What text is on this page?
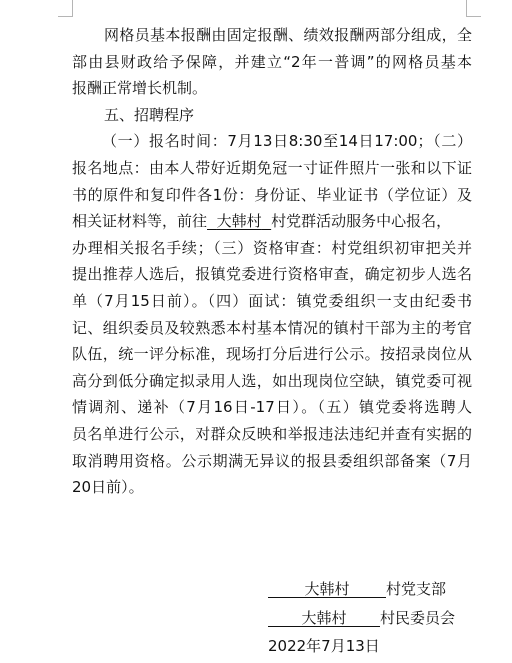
网格员基本报酬由固定报酬、绩效报酬两部分组成，全
部由县财政给予保障，并建立“2年一普调”的网格员基本
报酬正常增长机制。
五、招聘程序
（一）报名时间：7月13日8:30至14日17:00；（二）
报名地点：由本人带好近期免冠一寸证件照片一张和以下证
书的原件和复印件各1份：身份证、毕业证书（学位证）及
相关证材料等，前往 大韩村 村党群活动服务中心报名，
办理相关报名手续；（三）资格审查：村党组织初审把关并
提出推荐人选后，报镇党委进行资格审查，确定初步人选名
单（7月15日前）。（四）面试：镇党委组织一支由纪委书
记、组织委员及较熟悉本村基本情况的镇村干部为主的考官
队伍，统一评分标准，现场打分后进行公示。按招录岗位从
高分到低分确定拟录用人选，如出现岗位空缺，镇党委可视
情调剂、递补（7月16日-17日）。（五）镇党委将选聘人
员名单进行公示，对群众反映和举报违法违纪并查有实据的
取消聘用资格。公示期满无异议的报县委组织部备案（7月
20日前）。
大韩村 村党支部
大韩村 村民委员会
2022年7月13日
